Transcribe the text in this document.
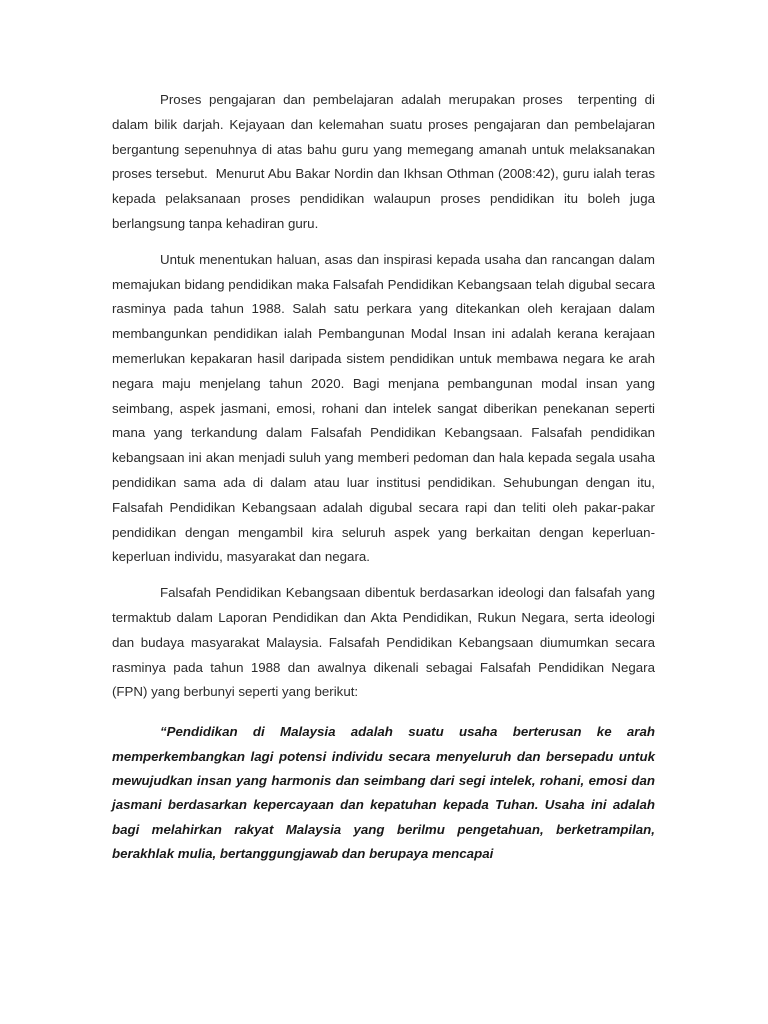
Proses pengajaran dan pembelajaran adalah merupakan proses  terpenting di dalam bilik darjah. Kejayaan dan kelemahan suatu proses pengajaran dan pembelajaran bergantung sepenuhnya di atas bahu guru yang memegang amanah untuk melaksanakan proses tersebut.  Menurut Abu Bakar Nordin dan Ikhsan Othman (2008:42), guru ialah teras kepada pelaksanaan proses pendidikan walaupun proses pendidikan itu boleh juga berlangsung tanpa kehadiran guru.

Untuk menentukan haluan, asas dan inspirasi kepada usaha dan rancangan dalam memajukan bidang pendidikan maka Falsafah Pendidikan Kebangsaan telah digubal secara rasminya pada tahun 1988. Salah satu perkara yang ditekankan oleh kerajaan dalam membangunkan pendidikan ialah Pembangunan Modal Insan ini adalah kerana kerajaan memerlukan kepakaran hasil daripada sistem pendidikan untuk membawa negara ke arah negara maju menjelang tahun 2020. Bagi menjana pembangunan modal insan yang seimbang, aspek jasmani, emosi, rohani dan intelek sangat diberikan penekanan seperti mana yang terkandung dalam Falsafah Pendidikan Kebangsaan. Falsafah pendidikan kebangsaan ini akan menjadi suluh yang memberi pedoman dan hala kepada segala usaha pendidikan sama ada di dalam atau luar institusi pendidikan. Sehubungan dengan itu, Falsafah Pendidikan Kebangsaan adalah digubal secara rapi dan teliti oleh pakar-pakar pendidikan dengan mengambil kira seluruh aspek yang berkaitan dengan keperluan-keperluan individu, masyarakat dan negara.

Falsafah Pendidikan Kebangsaan dibentuk berdasarkan ideologi dan falsafah yang termaktub dalam Laporan Pendidikan dan Akta Pendidikan, Rukun Negara, serta ideologi dan budaya masyarakat Malaysia. Falsafah Pendidikan Kebangsaan diumumkan secara rasminya pada tahun 1988 dan awalnya dikenali sebagai Falsafah Pendidikan Negara (FPN) yang berbunyi seperti yang berikut:

“Pendidikan di Malaysia adalah suatu usaha berterusan ke arah memperkembangkan lagi potensi individu secara menyeluruh dan bersepadu untuk mewujudkan insan yang harmonis dan seimbang dari segi intelek, rohani, emosi dan jasmani berdasarkan kepercayaan dan kepatuhan kepada Tuhan. Usaha ini adalah bagi melahirkan rakyat Malaysia yang berilmu pengetahuan, berketrampilan, berakhlak mulia, bertanggungjawab dan berupaya mencapai
